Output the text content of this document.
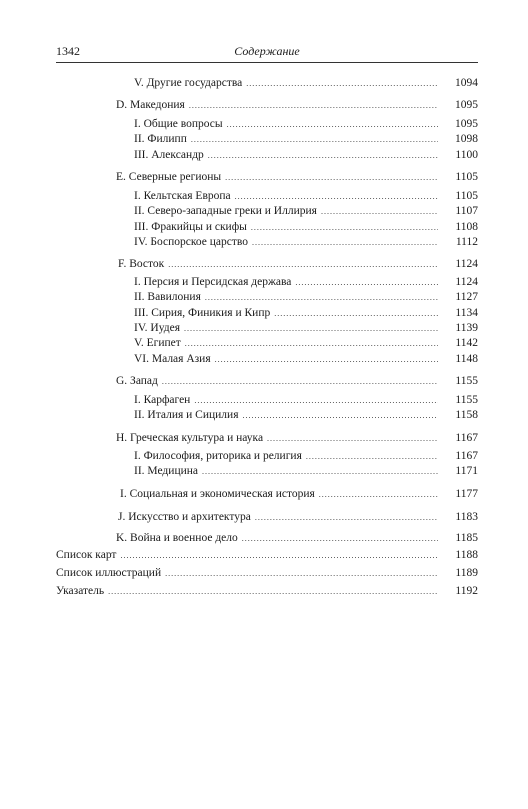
1342	Содержание
V. Другие государства .....	1094
D. Македония .....	1095
I. Общие вопросы .....	1095
II. Филипп .....	1098
III. Александр .....	1100
E. Северные регионы .....	1105
I. Кельтская Европа .....	1105
II. Северо-западные греки и Иллирия .....	1107
III. Фракийцы и скифы .....	1108
IV. Боспорское царство .....	1112
F. Восток .....	1124
I. Персия и Персидская держава .....	1124
II. Вавилония .....	1127
III. Сирия, Финикия и Кипр .....	1134
IV. Иудея .....	1139
V. Египет .....	1142
VI. Малая Азия .....	1148
G. Запад .....	1155
I. Карфаген .....	1155
II. Италия и Сицилия .....	1158
H. Греческая культура и наука .....	1167
I. Философия, риторика и религия .....	1167
II. Медицина .....	1171
I. Социальная и экономическая история .....	1177
J. Искусство и архитектура .....	1183
K. Война и военное дело .....	1185
Список карт .....	1188
Список иллюстраций .....	1189
Указатель .....	1192
